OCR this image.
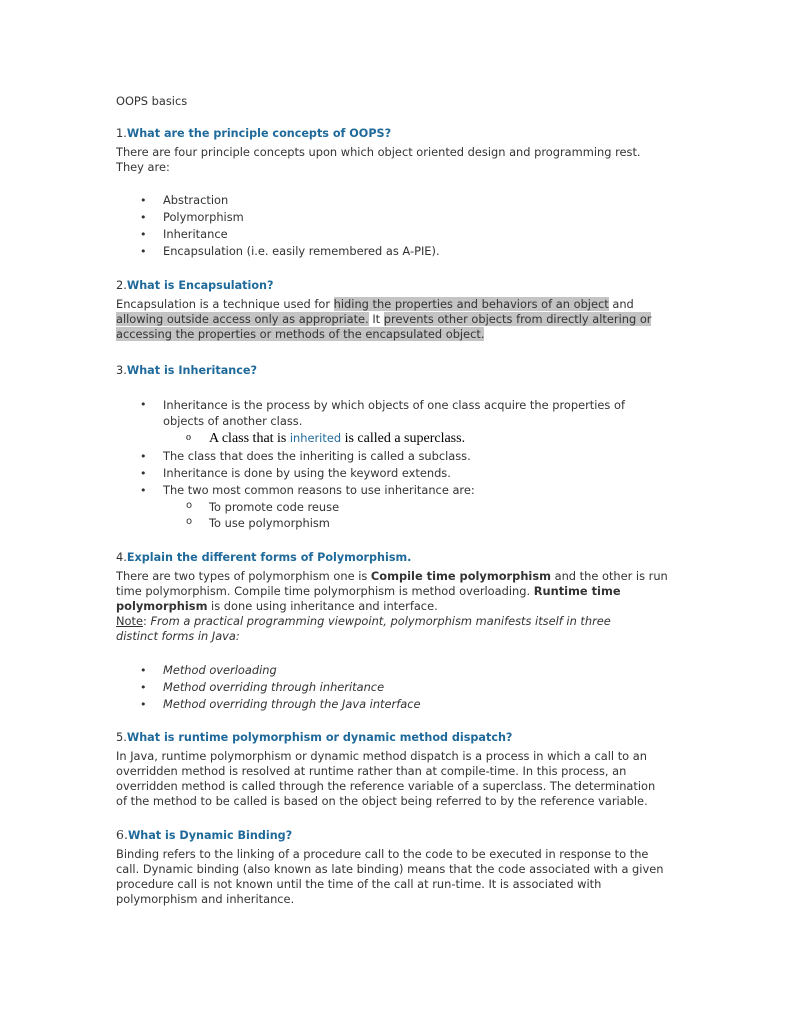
OOPS basics

1.What are the principle concepts of OOPS?

There are four principle concepts upon which object oriented design and programming rest.
They are:

• Abstraction
• Polymorphism
• Inheritance
• Encapsulation (i.e. easily remembered as A-PIE).

2.What is Encapsulation?

Encapsulation is a technique used for hiding the properties and behaviors of an object and
allowing outside access only as appropriate. It prevents other objects from directly altering or
accessing the properties or methods of the encapsulated object.

3.What is Inheritance?

• Inheritance is the process by which objects of one class acquire the properties of
objects of another class.
o A class that is inherited is called a superclass.
• The class that does the inheriting is called a subclass.
• Inheritance is done by using the keyword extends.
• The two most common reasons to use inheritance are:
o To promote code reuse
o To use polymorphism

4.Explain the different forms of Polymorphism.

There are two types of polymorphism one is Compile time polymorphism and the other is run
time polymorphism. Compile time polymorphism is method overloading. Runtime time
polymorphism is done using inheritance and interface.
Note: From a practical programming viewpoint, polymorphism manifests itself in three
distinct forms in Java:

• Method overloading
• Method overriding through inheritance
• Method overriding through the Java interface

5.What is runtime polymorphism or dynamic method dispatch?

In Java, runtime polymorphism or dynamic method dispatch is a process in which a call to an
overridden method is resolved at runtime rather than at compile-time. In this process, an
overridden method is called through the reference variable of a superclass. The determination
of the method to be called is based on the object being referred to by the reference variable.

6.What is Dynamic Binding?

Binding refers to the linking of a procedure call to the code to be executed in response to the
call. Dynamic binding (also known as late binding) means that the code associated with a given
procedure call is not known until the time of the call at run-time. It is associated with
polymorphism and inheritance.
